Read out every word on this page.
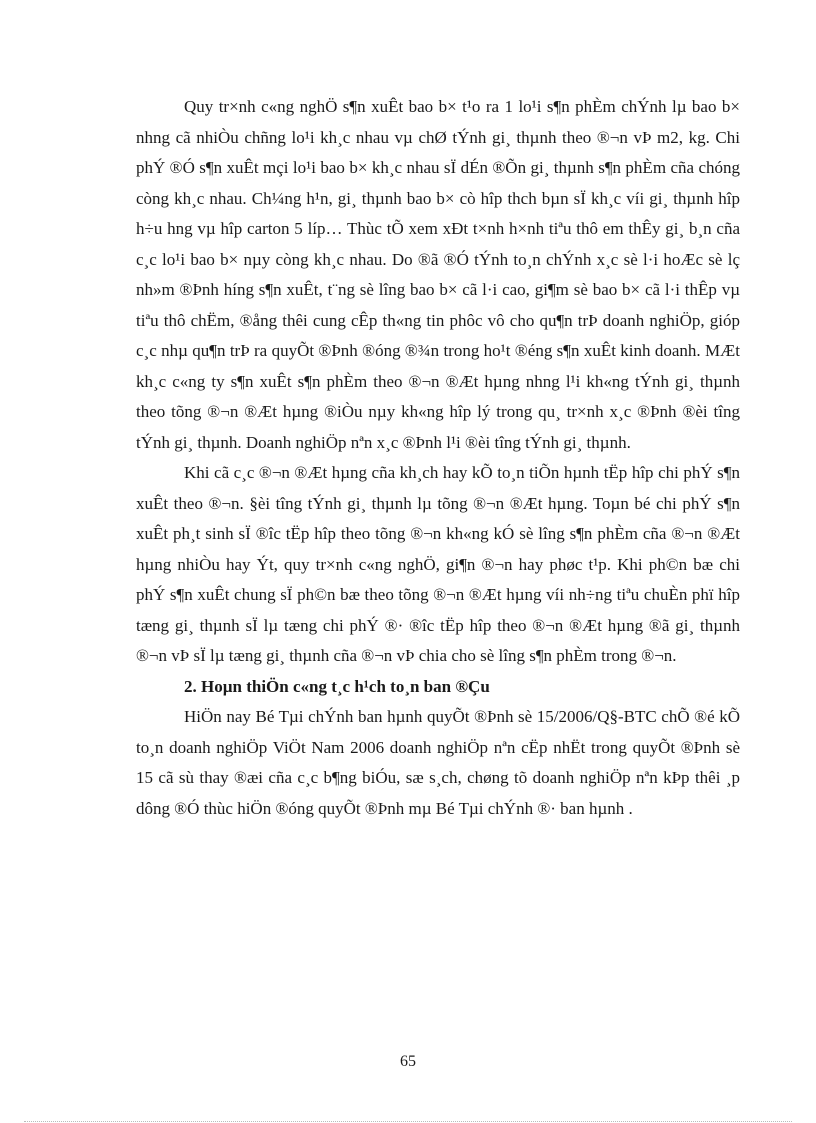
Quy tr×nh c«ng nghÖ s¶n xuÊt bao b× t¹o ra 1 lo¹i s¶n phÈm chÝnh lµ bao b× nhng cã nhiÒu chñng lo¹i kh¸c nhau vµ chØ tÝnh gi¸ thµnh theo ®¬n vÞ m2, kg. Chi phÝ ®Ó s¶n xuÊt mçi lo¹i bao b× kh¸c nhau sÏ dÉn ®Õn gi¸ thµnh s¶n phÈm cña chóng còng kh¸c nhau. Ch¼ng h¹n, gi¸ thµnh bao b× cò hîp thch bµn sÏ kh¸c víi gi¸ thµnh hîp h÷u hng vµ hîp carton 5 líp… Thùc tÕ xem xÐt t×nh h×nh tiªu thô em thÊy gi¸ b¸n cña c¸c lo¹i bao b× nµy còng kh¸c nhau. Do ®ã ®Ó tÝnh to¸n chÝnh x¸c sè l·i hoÆc sè lç nh»m ®Þnh híng s¶n xuÊt, t¨ng sè lîng bao b× cã l·i cao, gi¶m sè bao b× cã l·i thÊp vµ tiªu thô chËm, ®ång thêi cung cÊp th«ng tin phôc vô cho qu¶n trÞ doanh nghiÖp, gióp c¸c nhµ qu¶n trÞ ra quyÕt ®Þnh ®óng ®¾n trong ho¹t ®éng s¶n xuÊt kinh doanh. MÆt kh¸c c«ng ty s¶n xuÊt s¶n phÈm theo ®¬n ®Æt hµng nhng l¹i kh«ng tÝnh gi¸ thµnh theo tõng ®¬n ®Æt hµng ®iÒu nµy kh«ng hîp lý trong qu¸ tr×nh x¸c ®Þnh ®èi tîng tÝnh gi¸ thµnh. Doanh nghiÖp nªn x¸c ®Þnh l¹i ®èi tîng tÝnh gi¸ thµnh.

Khi cã c¸c ®¬n ®Æt hµng cña kh¸ch hay kÕ to¸n tiÕn hµnh tËp hîp chi phÝ s¶n xuÊt theo ®¬n. §èi tîng tÝnh gi¸ thµnh lµ tõng ®¬n ®Æt hµng. Toµn bé chi phÝ s¶n xuÊt ph¸t sinh sÏ ®îc tËp hîp theo tõng ®¬n kh«ng kÓ sè lîng s¶n phÈm cña ®¬n ®Æt hµng nhiÒu hay Ýt, quy tr×nh c«ng nghÖ, gi¶n ®¬n hay phøc t¹p. Khi ph©n bæ chi phÝ s¶n xuÊt chung sÏ ph©n bæ theo tõng ®¬n ®Æt hµng víi nh÷ng tiªu chuÈn phï hîp tæng gi¸ thµnh sÏ lµ tæng chi phÝ ®· ®îc tËp hîp theo ®¬n ®Æt hµng ®ã gi¸ thµnh ®¬n vÞ sÏ lµ tæng gi¸ thµnh cña ®¬n vÞ chia cho sè lîng s¶n phÈm trong ®¬n.

2. Hoµn thiÖn c«ng t¸c h¹ch to¸n ban ®Çu

HiÖn nay Bé Tµi chÝnh ban hµnh quyÕt ®Þnh sè 15/2006/Q§-BTC chÕ ®é kÕ to¸n doanh nghiÖp ViÖt Nam 2006 doanh nghiÖp nªn cËp nhËt trong quyÕt ®Þnh sè 15 cã sù thay ®æi cña c¸c b¶ng biÓu, sæ s¸ch, chøng tõ doanh nghiÖp nªn kÞp thêi ¸p dông ®Ó thùc hiÖn ®óng quyÕt ®Þnh mµ Bé Tµi chÝnh ®· ban hµnh .

65
